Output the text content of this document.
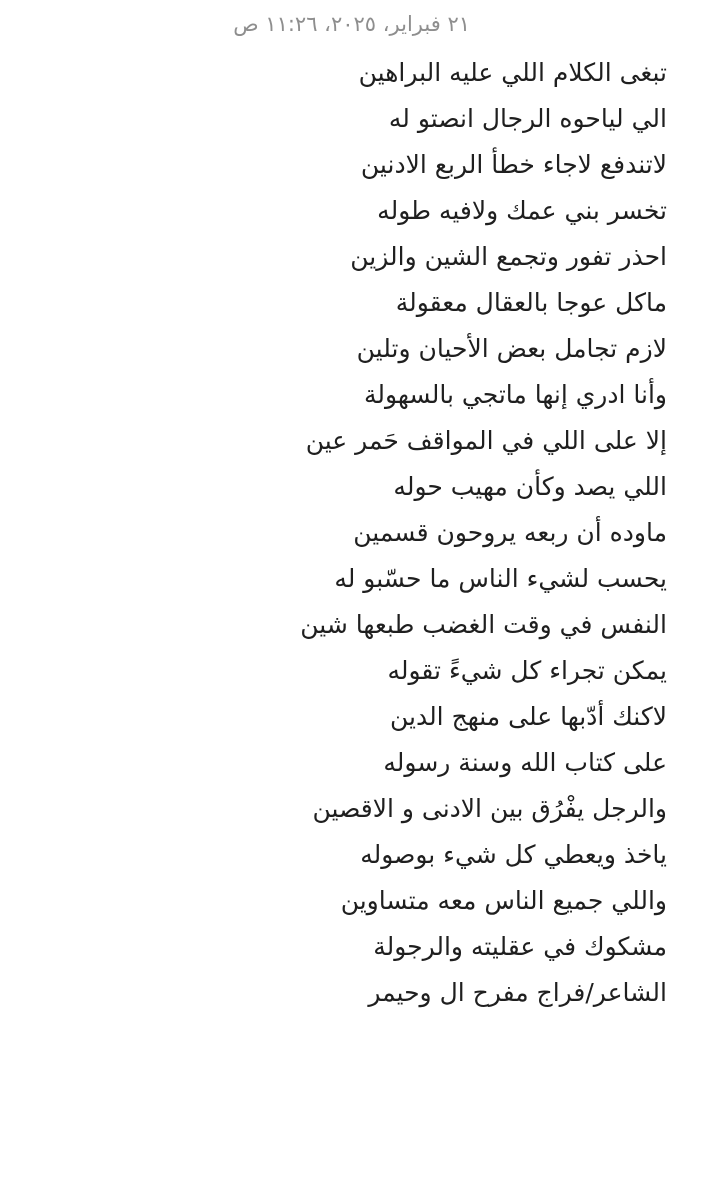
٢١ فبراير، ٢٠٢٥، ١١:٢٦ ص
تبغى الكلام اللي عليه البراهين
الي لياحوه الرجال انصتو له
لاتندفع لاجاء خطأ الربع الادنين
تخسر بني عمك ولافيه طوله
احذر تفور وتجمع الشين والزين
ماكل عوجا بالعقال معقولة
لازم تجامل بعض الأحيان وتلين
وأنا ادري إنها ماتجي بالسهولة
إلا على اللي في المواقف حَمر عين
اللي يصد وكأن مهيب حوله
ماوده أن ربعه يروحون قسمين
يحسب لشيء الناس ما حسّبو له
النفس في وقت الغضب طبعها شين
يمكن تجراء كل شيءً تقوله
لاكنك أدّبها على منهج الدين
على كتاب الله وسنة رسوله
والرجل يفْرُق بين الادنى و الاقصين
ياخذ ويعطي كل شيء بوصوله
واللي جميع الناس معه متساوين
مشكوك في عقليته والرجولة
الشاعر/فراج مفرح ال وحيمر
